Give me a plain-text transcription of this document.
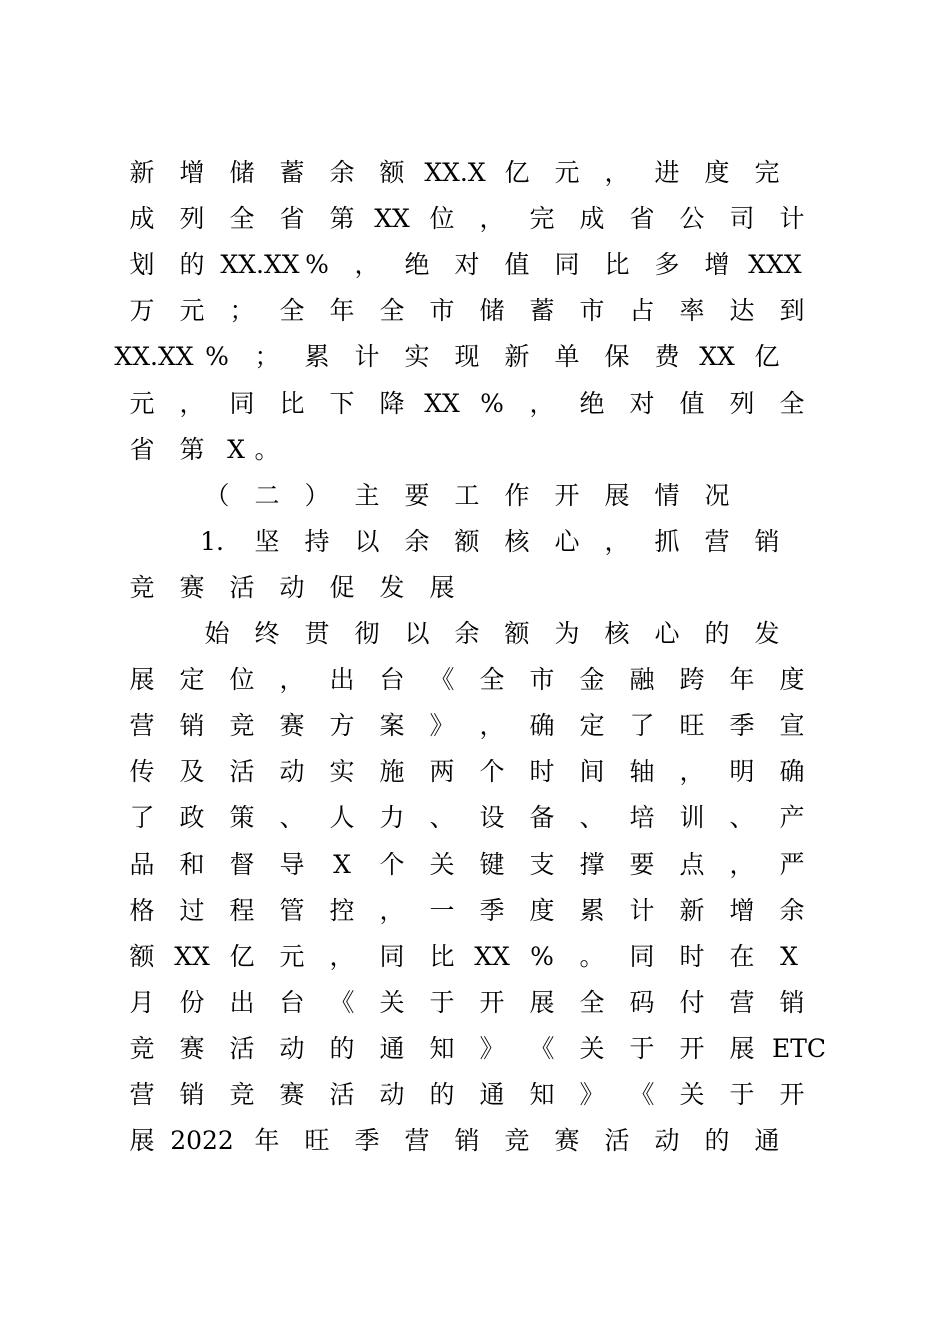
新 增 储 蓄 余 额 XX.X 亿 元 ， 进 度 完
成 列 全 省 第 XX 位 ， 完 成 省 公 司 计
划 的 XX.XX % ， 绝 对 值 同 比 多 增 XXX
万 元 ； 全 年 全 市 储 蓄 市 占 率 达 到
XX.XX % ； 累 计 实 现 新 单 保 费 XX 亿
元 ， 同 比 下 降 XX % ， 绝 对 值 列 全
省 第 X 。
（ 二 ） 主 要 工 作 开 展 情 况
1. 坚 持 以 余 额 核 心 ， 抓 营 销
竞 赛 活 动 促 发 展
始 终 贯 彻 以 余 额 为 核 心 的 发
展 定 位 ， 出 台 《 全 市 金 融 跨 年 度
营 销 竞 赛 方 案 》 ， 确 定 了 旺 季 宣
传 及 活 动 实 施 两 个 时 间 轴 ， 明 确
了 政 策 、 人 力 、 设 备 、 培 训 、 产
品 和 督 导 X 个 关 键 支 撑 要 点 ， 严
格 过 程 管 控 ， 一 季 度 累 计 新 增 余
额 XX 亿 元 ， 同 比 XX % 。 同 时 在 X
月 份 出 台 《 关 于 开 展 全 码 付 营 销
竞 赛 活 动 的 通 知 》 《 关 于 开 展 ETC
营 销 竞 赛 活 动 的 通 知 》 《 关 于 开
展 2022 年 旺 季 营 销 竞 赛 活 动 的 通
